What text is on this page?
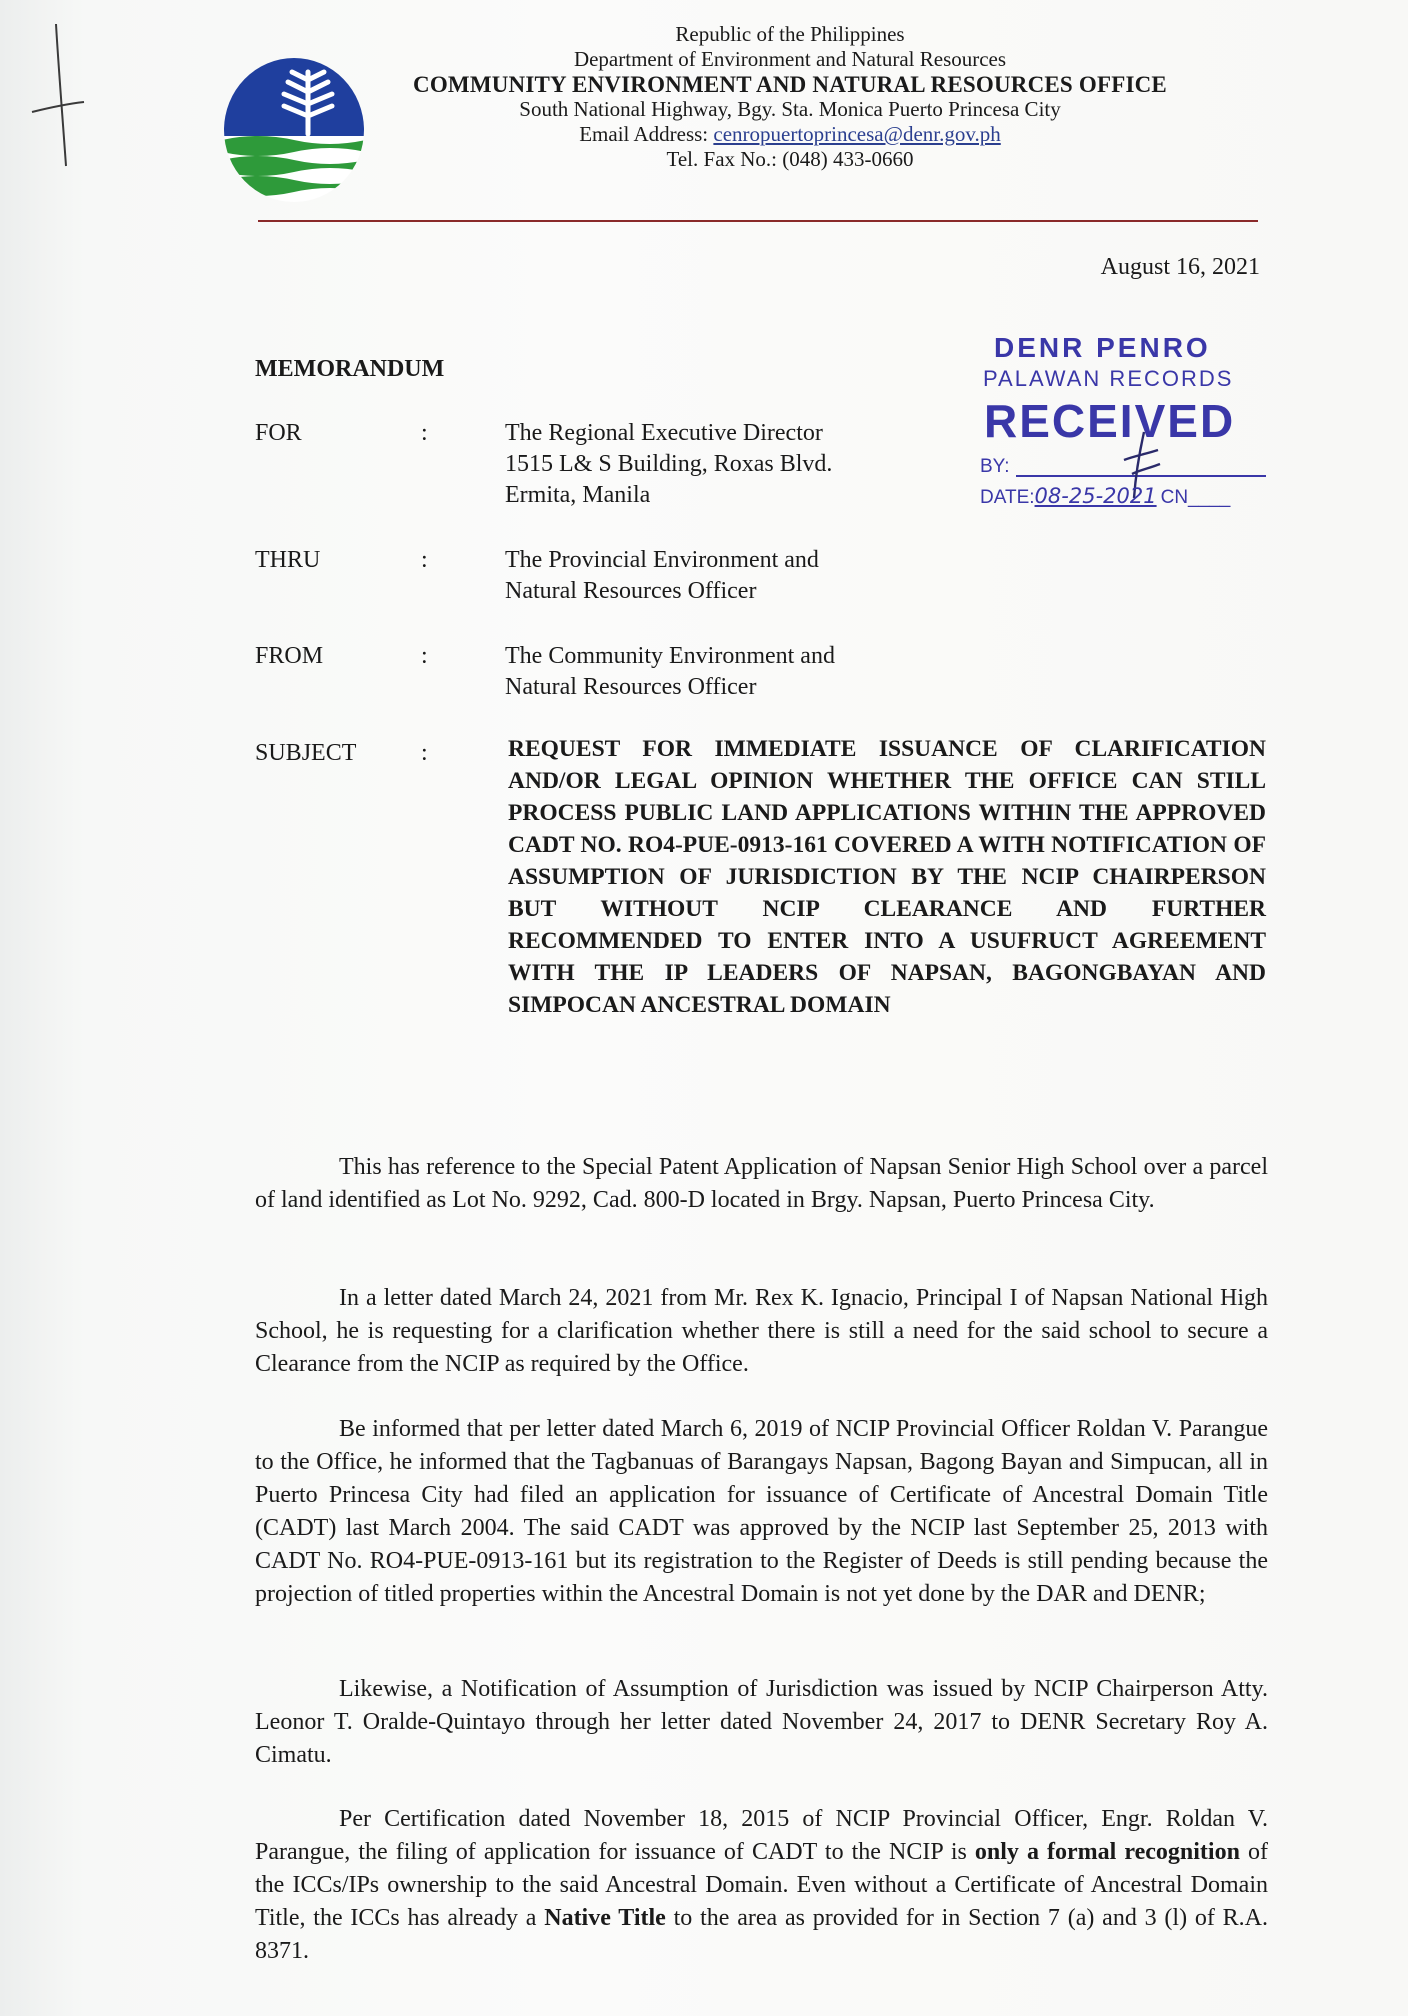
Republic of the Philippines
Department of Environment and Natural Resources
COMMUNITY ENVIRONMENT AND NATURAL RESOURCES OFFICE
South National Highway, Bgy. Sta. Monica Puerto Princesa City
Email Address: cenropuertoprincesa@denr.gov.ph
Tel. Fax No.: (048) 433-0660
August 16, 2021
MEMORANDUM
DENR PENRO
PALAWAN RECORDS
RECEIVED
BY:
DATE:08-25-2021 CN____
FOR	:	The Regional Executive Director
1515 L& S Building, Roxas Blvd.
Ermita, Manila
THRU	:	The Provincial Environment and
Natural Resources Officer
FROM	:	The Community Environment and
Natural Resources Officer
SUBJECT	:	REQUEST FOR IMMEDIATE ISSUANCE OF CLARIFICATION AND/OR LEGAL OPINION WHETHER THE OFFICE CAN STILL PROCESS PUBLIC LAND APPLICATIONS WITHIN THE APPROVED CADT NO. RO4-PUE-0913-161 COVERED A WITH NOTIFICATION OF ASSUMPTION OF JURISDICTION BY THE NCIP CHAIRPERSON BUT WITHOUT NCIP CLEARANCE AND FURTHER RECOMMENDED TO ENTER INTO A USUFRUCT AGREEMENT WITH THE IP LEADERS OF NAPSAN, BAGONGBAYAN AND SIMPOCAN ANCESTRAL DOMAIN
This has reference to the Special Patent Application of Napsan Senior High School over a parcel of land identified as Lot No. 9292, Cad. 800-D located in Brgy. Napsan, Puerto Princesa City.
In a letter dated March 24, 2021 from Mr. Rex K. Ignacio, Principal I of Napsan National High School, he is requesting for a clarification whether there is still a need for the said school to secure a Clearance from the NCIP as required by the Office.
Be informed that per letter dated March 6, 2019 of NCIP Provincial Officer Roldan V. Parangue to the Office, he informed that the Tagbanuas of Barangays Napsan, Bagong Bayan and Simpucan, all in Puerto Princesa City had filed an application for issuance of Certificate of Ancestral Domain Title (CADT) last March 2004. The said CADT was approved by the NCIP last September 25, 2013 with CADT No. RO4-PUE-0913-161 but its registration to the Register of Deeds is still pending because the projection of titled properties within the Ancestral Domain is not yet done by the DAR and DENR;
Likewise, a Notification of Assumption of Jurisdiction was issued by NCIP Chairperson Atty. Leonor T. Oralde-Quintayo through her letter dated November 24, 2017 to DENR Secretary Roy A. Cimatu.
Per Certification dated November 18, 2015 of NCIP Provincial Officer, Engr. Roldan V. Parangue, the filing of application for issuance of CADT to the NCIP is only a formal recognition of the ICCs/IPs ownership to the said Ancestral Domain. Even without a Certificate of Ancestral Domain Title, the ICCs has already a Native Title to the area as provided for in Section 7 (a) and 3 (l) of R.A. 8371.
